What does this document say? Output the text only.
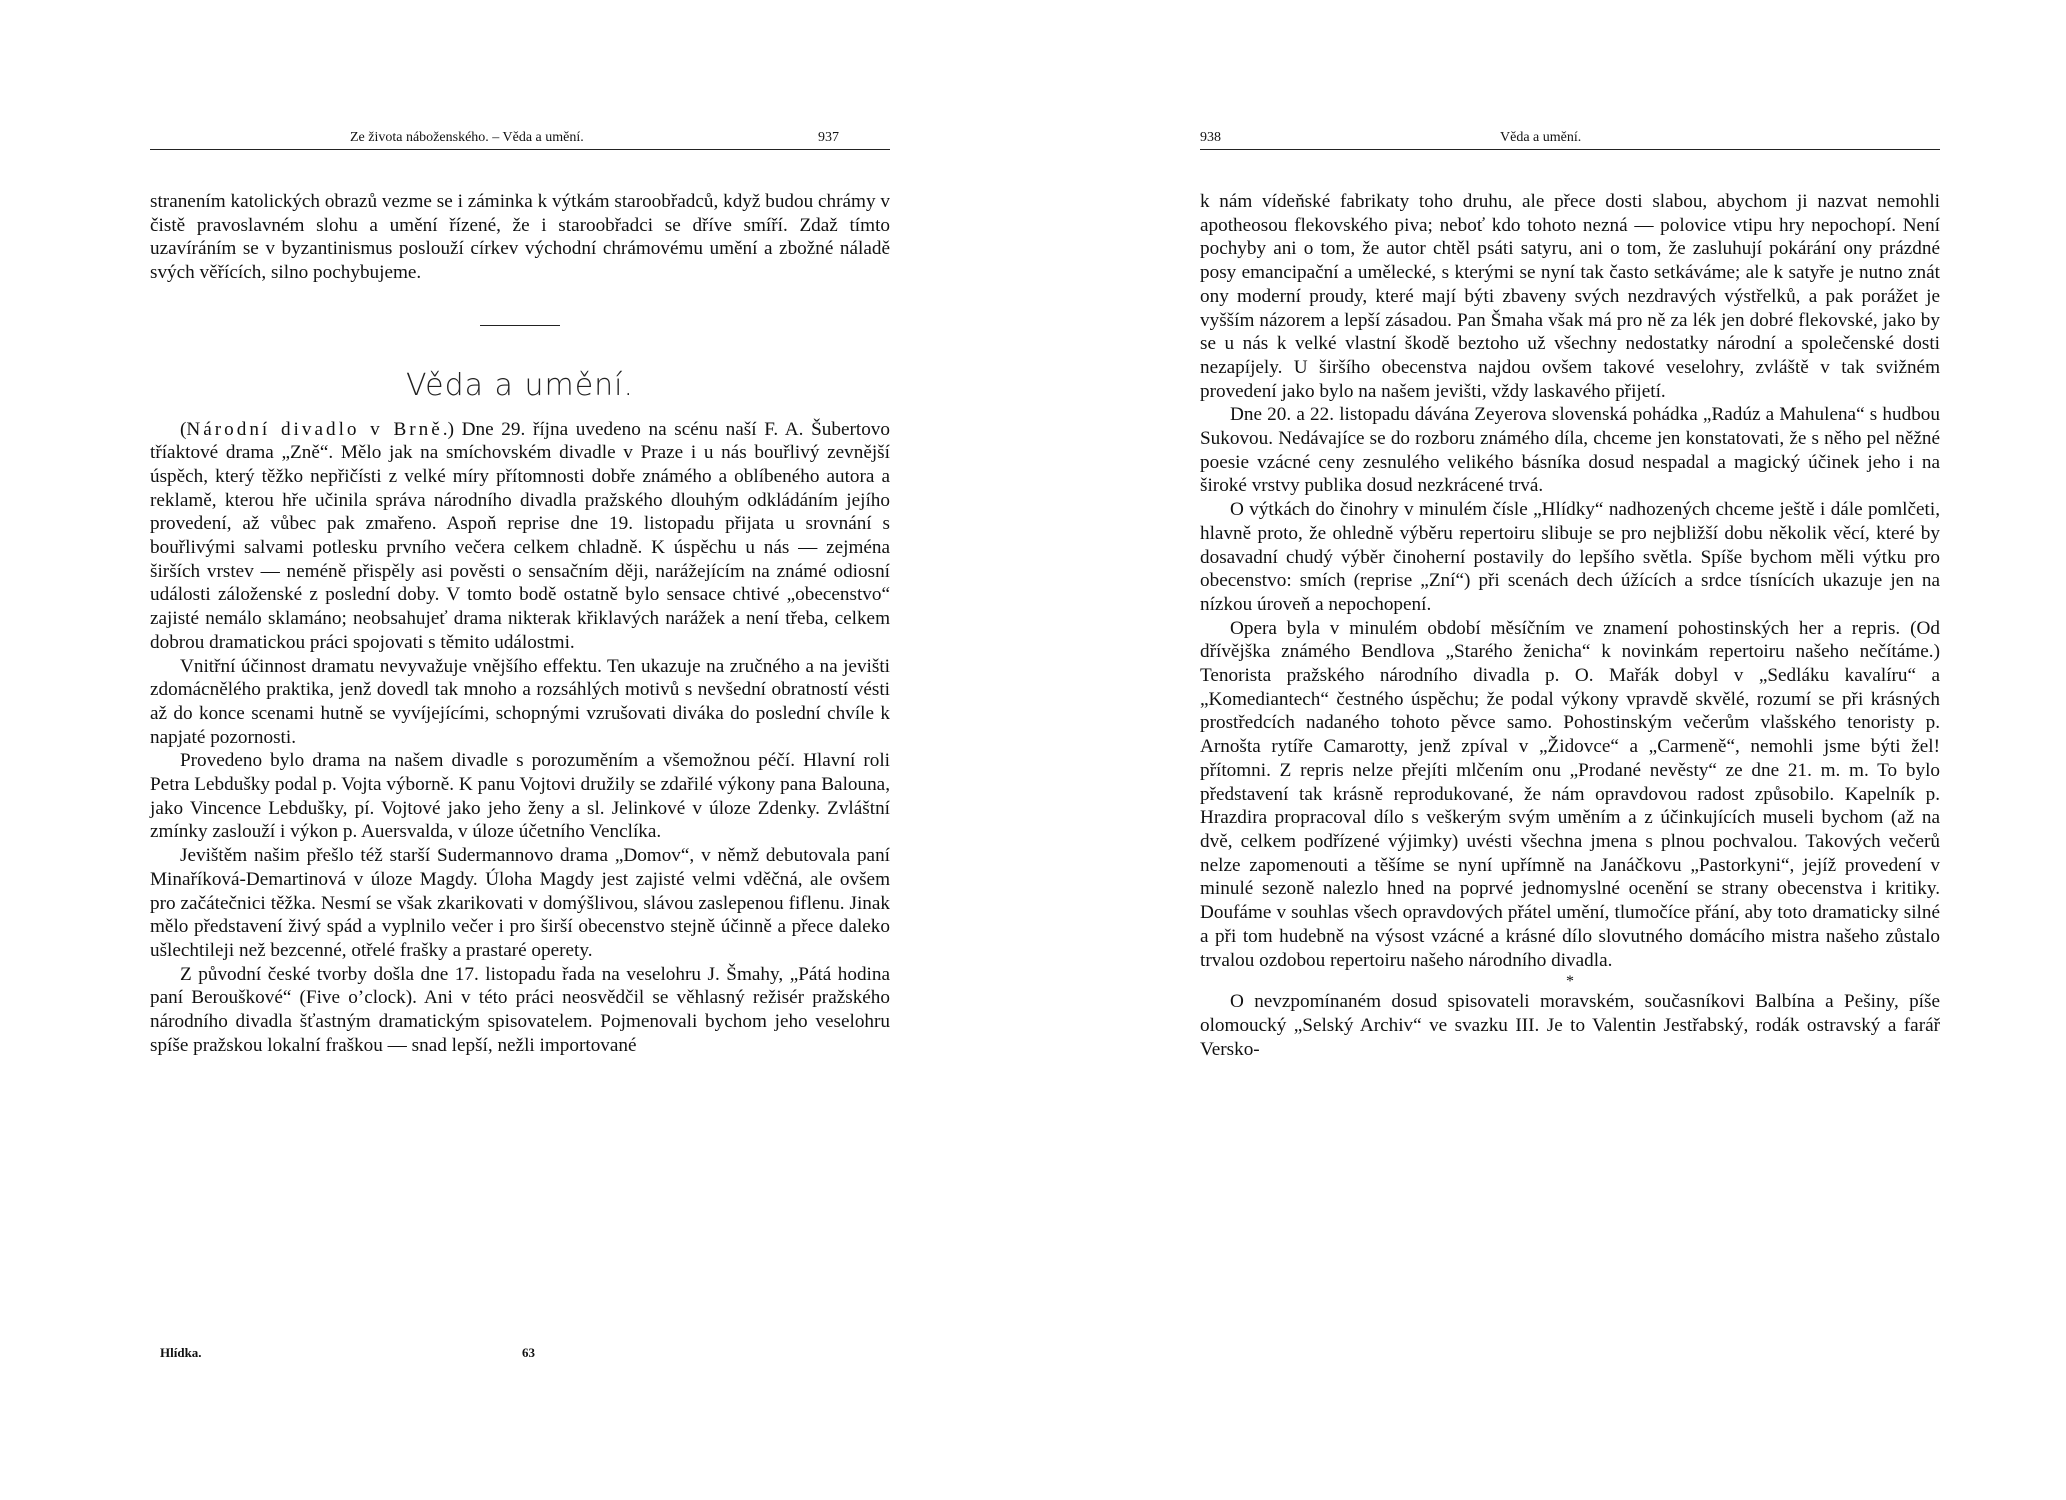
Ze života náboženského. – Věda a umění.	937

stranením katolických obrazů vezme se i záminka k výtkám staroobřadců, když budou chrámy v čistě pravoslavném slohu a umění řízené, že i staroobřadci se dříve smíří. Zdaž tímto uzavíráním se v byzantinismus poslouží církev východní chrámovému umění a zbožné náladě svých věřících, silno pochybujeme.

Věda a umění.

(Národní divadlo v Brně.) Dne 29. října uvedeno na scénu naší F. A. Šubertovo tříaktové drama „Zně“. Mělo jak na smíchovském divadle v Praze i u nás bouřlivý zevnější úspěch, který těžko nepřičísti z velké míry přítomnosti dobře známého a oblíbeného autora a reklamě, kterou hře učinila správa národního divadla pražského dlouhým odkládáním jejího provedení, až vůbec pak zmařeno. Aspoň reprise dne 19. listopadu přijata u srovnání s bouřlivými salvami potlesku prvního večera celkem chladně. K úspěchu u nás — zejména širších vrstev — neméně přispěly asi pověsti o sensačním ději, narážejícím na známé odiosní události záloženské z poslední doby. V tomto bodě ostatně bylo sensace chtivé „obecenstvo“ zajisté nemálo sklamáno; neobsahujeť drama nikterak křiklavých narážek a není třeba, celkem dobrou dramatickou práci spojovati s těmito událostmi.

Vnitřní účinnost dramatu nevyvažuje vnějšího effektu. Ten ukazuje na zručného a na jevišti zdomácnělého praktika, jenž dovedl tak mnoho a rozsáhlých motivů s nevšední obratností vésti až do konce scenami hutně se vyvíjejícími, schopnými vzrušovati diváka do poslední chvíle k napjaté pozornosti.

Provedeno bylo drama na našem divadle s porozuměním a všemožnou péčí. Hlavní roli Petra Lebdušky podal p. Vojta výborně. K panu Vojtovi družily se zdařilé výkony pana Balouna, jako Vincence Lebdušky, pí. Vojtové jako jeho ženy a sl. Jelinkové v úloze Zdenky. Zvláštní zmínky zaslouží i výkon p. Auersvalda, v úloze účetního Venclíka.

Jevištěm našim přešlo též starší Sudermannovo drama „Domov“, v němž debutovala paní Minaříková-Demartinová v úloze Magdy. Úloha Magdy jest zajisté velmi vděčná, ale ovšem pro začátečnici těžka. Nesmí se však zkarikovati v domýšlivou, slávou zaslepenou fiflenu. Jinak mělo představení živý spád a vyplnilo večer i pro širší obecenstvo stejně účinně a přece daleko ušlechtileji než bezcenné, otřelé frašky a prastaré operety.

Z původní české tvorby došla dne 17. listopadu řada na veselohru J. Šmahy, „Pátá hodina paní Berouškové“ (Five o’clock). Ani v této práci neosvědčil se věhlasný režisér pražského národního divadla šťastným dramatickým spisovatelem. Pojmenovali bychom jeho veselohru spíše pražskou lokalní fraškou — snad lepší, nežli importované

Hlídka.	63
938	Věda a umění.

k nám vídeňské fabrikaty toho druhu, ale přece dosti slabou, abychom ji nazvat nemohli apotheosou flekovského piva; neboť kdo tohoto nezná — polovice vtipu hry nepochopí. Není pochyby ani o tom, že autor chtěl psáti satyru, ani o tom, že zasluhují pokárání ony prázdné posy emancipační a umělecké, s kterými se nyní tak často setkáváme; ale k satyře je nutno znát ony moderní proudy, které mají býti zbaveny svých nezdravých výstřelků, a pak porážet je vyšším názorem a lepší zásadou. Pan Šmaha však má pro ně za lék jen dobré flekovské, jako by se u nás k velké vlastní škodě beztoho už všechny nedostatky národní a společenské dosti nezapíjely. U širšího obecenstva najdou ovšem takové veselohry, zvláště v tak svižném provedení jako bylo na našem jevišti, vždy laskavého přijetí.

Dne 20. a 22. listopadu dávána Zeyerova slovenská pohádka „Radúz a Mahulena“ s hudbou Sukovou. Nedávajíce se do rozboru známého díla, chceme jen konstatovati, že s něho pel něžné poesie vzácné ceny zesnulého velikého básníka dosud nespadal a magický účinek jeho i na široké vrstvy publika dosud nezkrácené trvá.

O výtkách do činohry v minulém čísle „Hlídky“ nadhozených chceme ještě i dále pomlčeti, hlavně proto, že ohledně výběru repertoiru slibuje se pro nejbližší dobu několik věcí, které by dosavadní chudý výběr činoherní postavily do lepšího světla. Spíše bychom měli výtku pro obecenstvo: smích (reprise „Zní“) při scenách dech úžících a srdce tísnících ukazuje jen na nízkou úroveň a nepochopení.

Opera byla v minulém období měsíčním ve znamení pohostinských her a repris. (Od dřívějška známého Bendlova „Starého ženicha“ k novinkám repertoiru našeho nečítáme.) Tenorista pražského národního divadla p. O. Mařák dobyl v „Sedláku kavalíru“ a „Komediantech“ čestného úspěchu; že podal výkony vpravdě skvělé, rozumí se při krásných prostředcích nadaného tohoto pěvce samo. Pohostinským večerům vlašského tenoristy p. Arnošta rytíře Camarotty, jenž zpíval v „Židovce“ a „Carmeně“, nemohli jsme býti žel! přítomni. Z repris nelze přejíti mlčením onu „Prodané nevěsty“ ze dne 21. m. m. To bylo představení tak krásně reprodukované, že nám opravdovou radost způsobilo. Kapelník p. Hrazdira propracoval dílo s veškerým svým uměním a z účinkujících museli bychom (až na dvě, celkem podřízené výjimky) uvésti všechna jmena s plnou pochvalou. Takových večerů nelze zapomenouti a těšíme se nyní upřímně na Janáčkovu „Pastorkyni“, jejíž provedení v minulé sezoně nalezlo hned na poprvé jednomyslné ocenění se strany obecenstva i kritiky. Doufáme v souhlas všech opravdových přátel umění, tlumočíce přání, aby toto dramaticky silné a při tom hudebně na výsost vzácné a krásné dílo slovutného domácího mistra našeho zůstalo trvalou ozdobou repertoiru našeho národního divadla.

*

O nevzpomínaném dosud spisovateli moravském, současníkovi Balbína a Pešiny, píše olomoucký „Selský Archiv“ ve svazku III. Je to Valentin Jestřabský, rodák ostravský a farář Versko-
